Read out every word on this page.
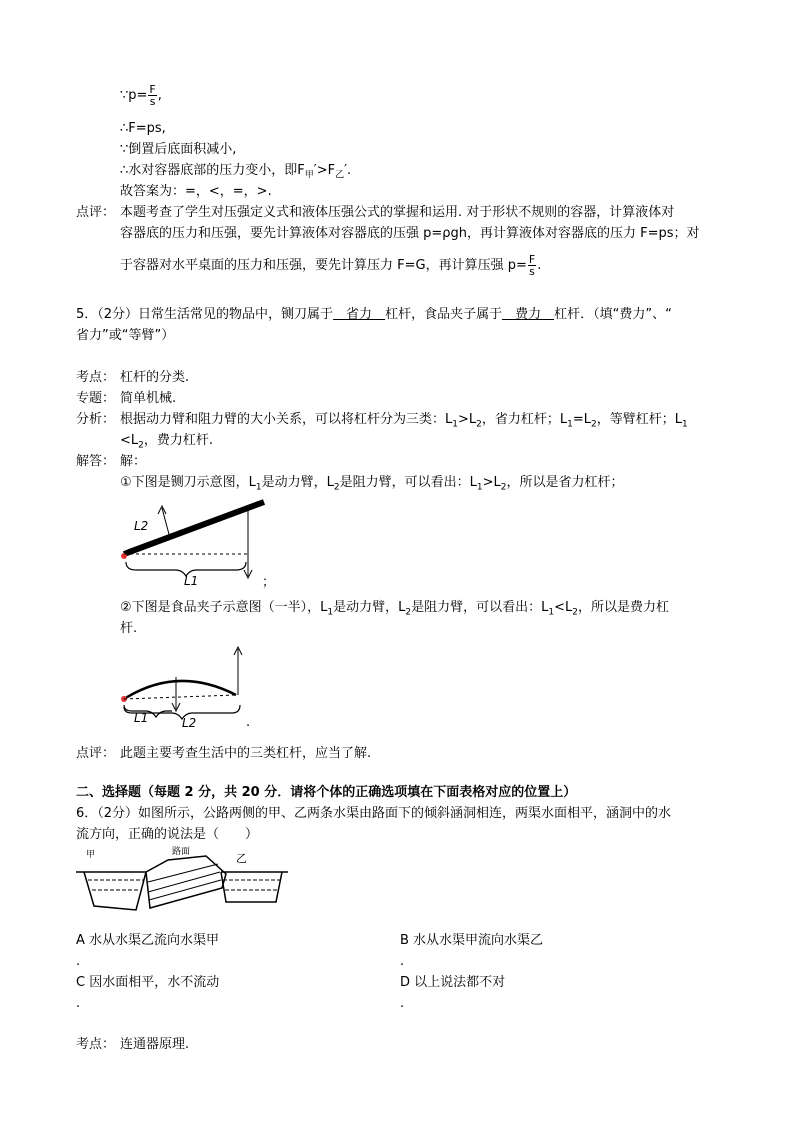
∵p= $\frac{F}{s}$ ,
∴F=ps,
∵倒置后底面积减小,
∴水对容器底部的压力变小，即$F_甲'>F_乙'$.
故答案为：=，<，=，>.
点评： 本题考查了学生对压强定义式和液体压强公式的掌握和运用. 对于形状不规则的容器，计算液体对
容器底的压力和压强，要先计算液体对容器底的压强 p=ρgh，再计算液体对容器底的压力 F=ps；对
于容器对水平桌面的压力和压强，要先计算压力 F=G，再计算压强 $p= \frac{F}{s}$ .
5．（2分）日常生活常见的物品中，铡刀属于　省力　杠杆，食品夹子属于　费力　杠杆．（填“费力”、“
省力”或“等臂”）
考点： 杠杆的分类.
专题： 简单机械.
分析： 根据动力臂和阻力臂的大小关系，可以将杠杆分为三类：$L_1>L_2$，省力杠杆；$L_1=L_2$，等臂杠杆；$L_1$
$<L_2$，费力杠杆.
解答： 解：
①下图是铡刀示意图，$L_1$是动力臂，$L_2$是阻力臂，可以看出：$L_1>L_2$，所以是省力杠杆；
L2
L1	；
②下图是食品夹子示意图（一半），$L_1$是动力臂，$L_2$是阻力臂，可以看出：$L_1<L_2$，所以是费力杠
杆.
L1	L2	.
点评： 此题主要考查生活中的三类杠杆，应当了解.
二、选择题（每题 2 分，共 20 分．请将个体的正确选项填在下面表格对应的位置上）
6．（2分）如图所示，公路两侧的甲、乙两条水渠由路面下的倾斜涵洞相连，两渠水面相平，涵洞中的水
流方向，正确的说法是（　　）
甲	路面	乙
A 水从水渠乙流向水渠甲
.
B 水从水渠甲流向水渠乙
.
C 因水面相平，水不流动
.
D 以上说法都不对
.
考点： 连通器原理.
